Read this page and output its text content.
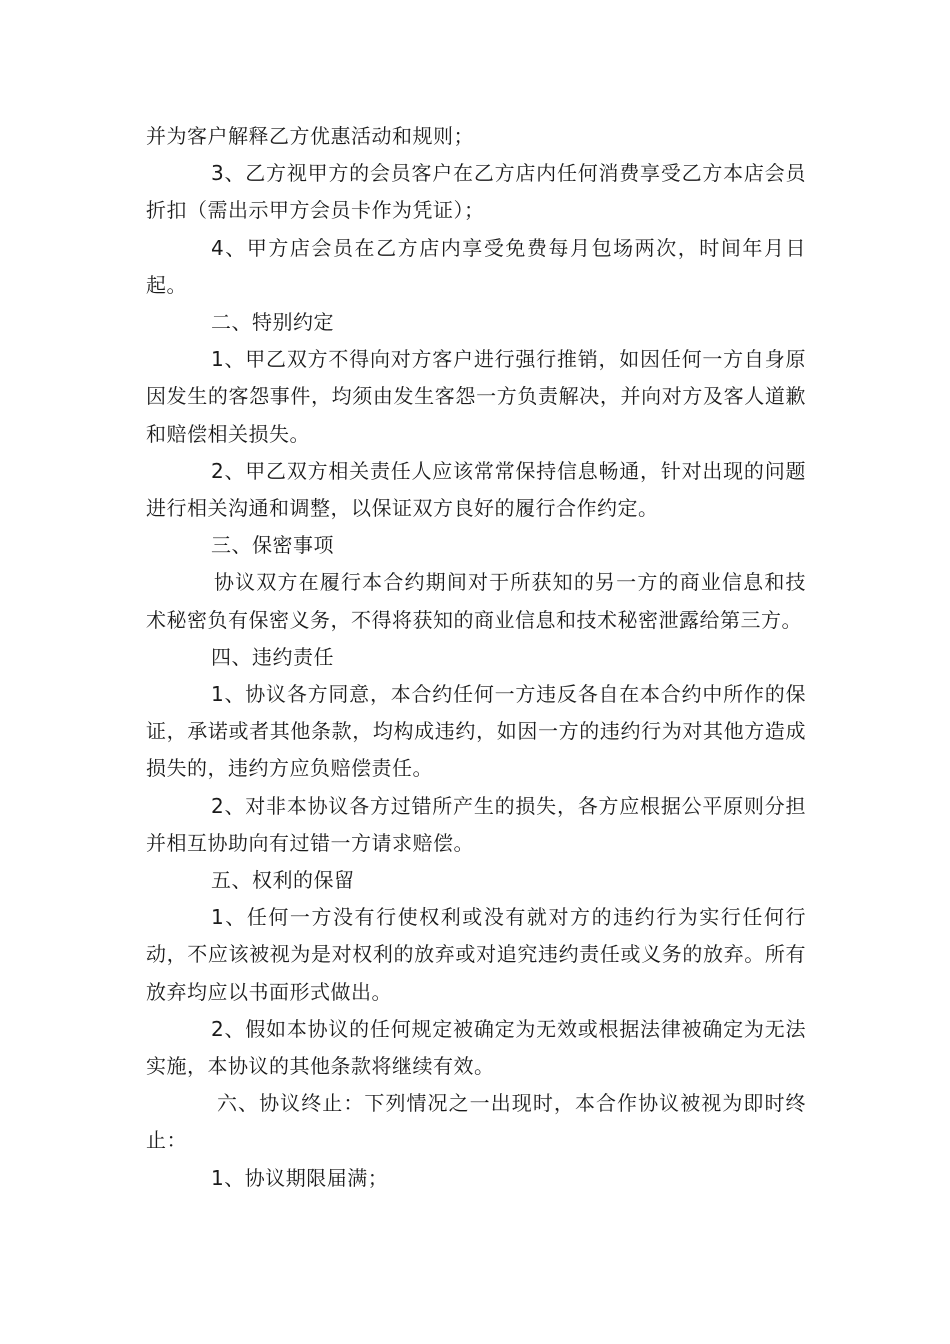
并为客户解释乙方优惠活动和规则；

3、乙方视甲方的会员客户在乙方店内任何消费享受乙方本店会员折扣（需出示甲方会员卡作为凭证）；

4、甲方店会员在乙方店内享受免费每月包场两次，时间年月日起。

二、特别约定

1、甲乙双方不得向对方客户进行强行推销，如因任何一方自身原因发生的客怨事件，均须由发生客怨一方负责解决，并向对方及客人道歉和赔偿相关损失。

2、甲乙双方相关责任人应该常常保持信息畅通，针对出现的问题进行相关沟通和调整，以保证双方良好的履行合作约定。

三、保密事项

协议双方在履行本合约期间对于所获知的另一方的商业信息和技术秘密负有保密义务，不得将获知的商业信息和技术秘密泄露给第三方。

四、违约责任

1、协议各方同意，本合约任何一方违反各自在本合约中所作的保证，承诺或者其他条款，均构成违约，如因一方的违约行为对其他方造成损失的，违约方应负赔偿责任。

2、对非本协议各方过错所产生的损失，各方应根据公平原则分担并相互协助向有过错一方请求赔偿。

五、权利的保留

1、任何一方没有行使权利或没有就对方的违约行为实行任何行动，不应该被视为是对权利的放弃或对追究违约责任或义务的放弃。所有放弃均应以书面形式做出。

2、假如本协议的任何规定被确定为无效或根据法律被确定为无法实施，本协议的其他条款将继续有效。

六、协议终止：下列情况之一出现时，本合作协议被视为即时终止：

1、协议期限届满；
